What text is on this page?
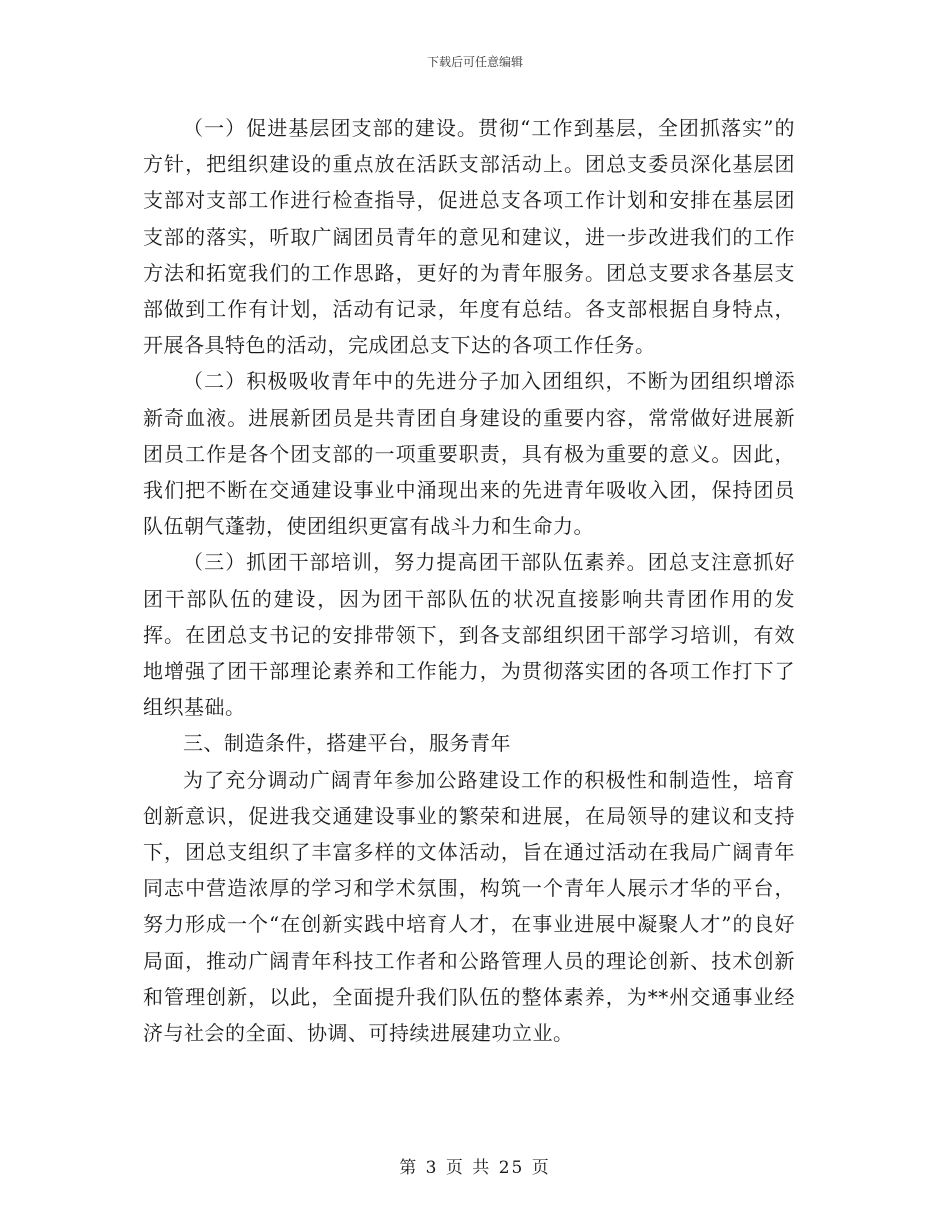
下载后可任意编辑

（一）促进基层团支部的建设。贯彻“工作到基层，全团抓落实”的方针，把组织建设的重点放在活跃支部活动上。团总支委员深化基层团支部对支部工作进行检查指导，促进总支各项工作计划和安排在基层团支部的落实，听取广阔团员青年的意见和建议，进一步改进我们的工作方法和拓宽我们的工作思路，更好的为青年服务。团总支要求各基层支部做到工作有计划，活动有记录，年度有总结。各支部根据自身特点，开展各具特色的活动，完成团总支下达的各项工作任务。

（二）积极吸收青年中的先进分子加入团组织，不断为团组织增添新奇血液。进展新团员是共青团自身建设的重要内容，常常做好进展新团员工作是各个团支部的一项重要职责，具有极为重要的意义。因此，我们把不断在交通建设事业中涌现出来的先进青年吸收入团，保持团员队伍朝气蓬勃，使团组织更富有战斗力和生命力。

（三）抓团干部培训，努力提高团干部队伍素养。团总支注意抓好团干部队伍的建设，因为团干部队伍的状况直接影响共青团作用的发挥。在团总支书记的安排带领下，到各支部组织团干部学习培训，有效地增强了团干部理论素养和工作能力，为贯彻落实团的各项工作打下了组织基础。

三、制造条件，搭建平台，服务青年

为了充分调动广阔青年参加公路建设工作的积极性和制造性，培育创新意识，促进我交通建设事业的繁荣和进展，在局领导的建议和支持下，团总支组织了丰富多样的文体活动，旨在通过活动在我局广阔青年同志中营造浓厚的学习和学术氛围，构筑一个青年人展示才华的平台，努力形成一个“在创新实践中培育人才，在事业进展中凝聚人才”的良好局面，推动广阔青年科技工作者和公路管理人员的理论创新、技术创新和管理创新，以此，全面提升我们队伍的整体素养，为**州交通事业经济与社会的全面、协调、可持续进展建功立业。

第 3 页 共 25 页
